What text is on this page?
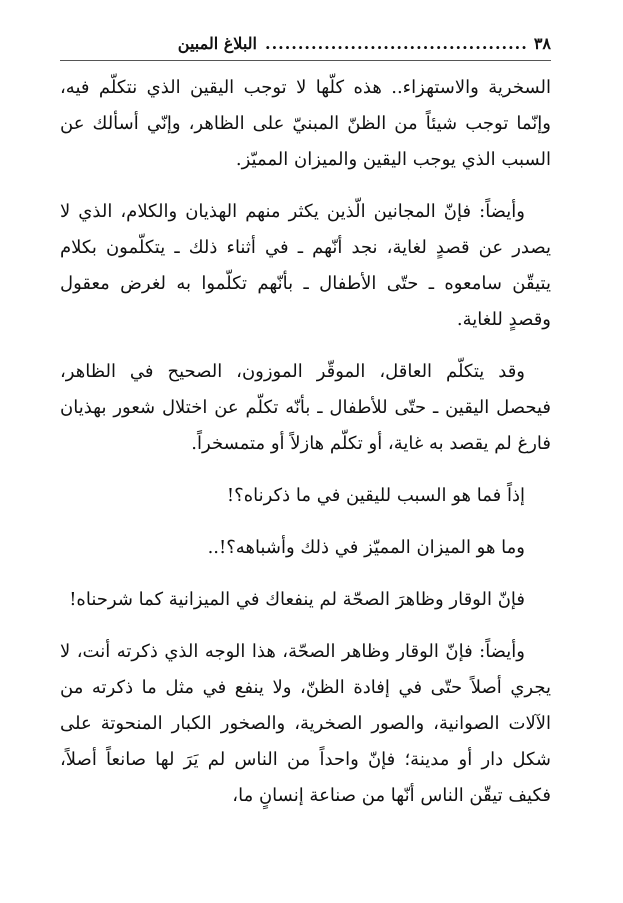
٣٨
........................................
البلاغ المبين

السخرية والاستهزاء.. هذه كلّها لا توجب اليقين الذي نتكلّم فيه، وإنّما توجب شيئاً من الظنّ المبنيّ على الظاهر، وإنّي أسألك عن السبب الذي يوجب اليقين والميزان المميّز.

وأيضاً: فإنّ المجانين الّذين يكثر منهم الهذيان والكلام، الذي لا يصدر عن قصدٍ لغاية، نجد أنّهم ـ في أثناء ذلك ـ يتكلّمون بكلام يتيقّن سامعوه ـ حتّى الأطفال ـ بأنّهم تكلّموا به لغرض معقول وقصدٍ للغاية.

وقد يتكلّم العاقل، الموقّر الموزون، الصحيح في الظاهر، فيحصل اليقين ـ حتّى للأطفال ـ بأنّه تكلّم عن اختلال شعور بهذيان فارغ لم يقصد به غاية، أو تكلّم هازلاً أو متمسخراً.

إذاً فما هو السبب لليقين في ما ذكرناه؟!

وما هو الميزان المميّز في ذلك وأشباهه؟!..

فإنّ الوقار وظاهرَ الصحّة لم ينفعاك في الميزانية كما شرحناه!

وأيضاً: فإنّ الوقار وظاهر الصحّة، هذا الوجه الذي ذكرته أنت، لا يجري أصلاً حتّى في إفادة الظنّ، ولا ينفع في مثل ما ذكرته من الآلات الصوانية، والصور الصخرية، والصخور الكبار المنحوتة على شكل دار أو مدينة؛ فإنّ واحداً من الناس لم يَرَ لها صانعاً أصلاً، فكيف تيقّن الناس أنّها من صناعة إنسانٍ ما،
